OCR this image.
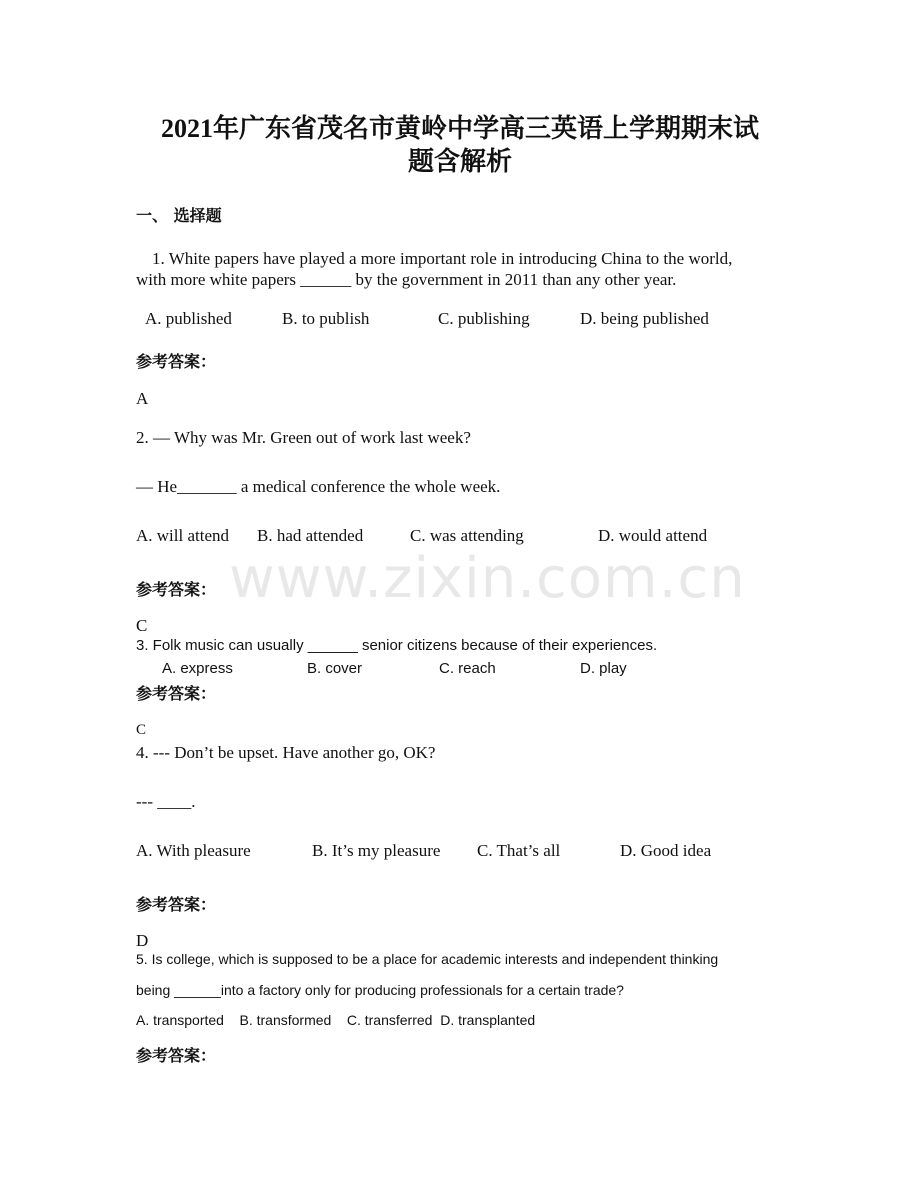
2021年广东省茂名市黄岭中学高三英语上学期期末试
题含解析
一、 选择题
1. White papers have played a more important role in introducing China to the world,
with more white papers ______ by the government in 2011 than any other year.
A. published	B. to publish	C. publishing	D. being published
参考答案：
A
2. — Why was Mr. Green out of work last week?
— He_______ a medical conference the whole week.
A. will attend B. had attended	C. was attending	D. would attend
www.zixin.com.cn
参考答案：
C
3. Folk music can usually ______ senior citizens because of their experiences.
A. express	B. cover	C. reach	D. play
参考答案：
C
4. --- Don’t be upset. Have another go, OK?
--- ____.
A. With pleasure	B. It’s my pleasure C. That’s all	D. Good idea
参考答案：
D
5. Is college, which is supposed to be a place for academic interests and independent thinking
being ______into a factory only for producing professionals for a certain trade?
A. transported    B. transformed    C. transferred  D. transplanted
参考答案：
